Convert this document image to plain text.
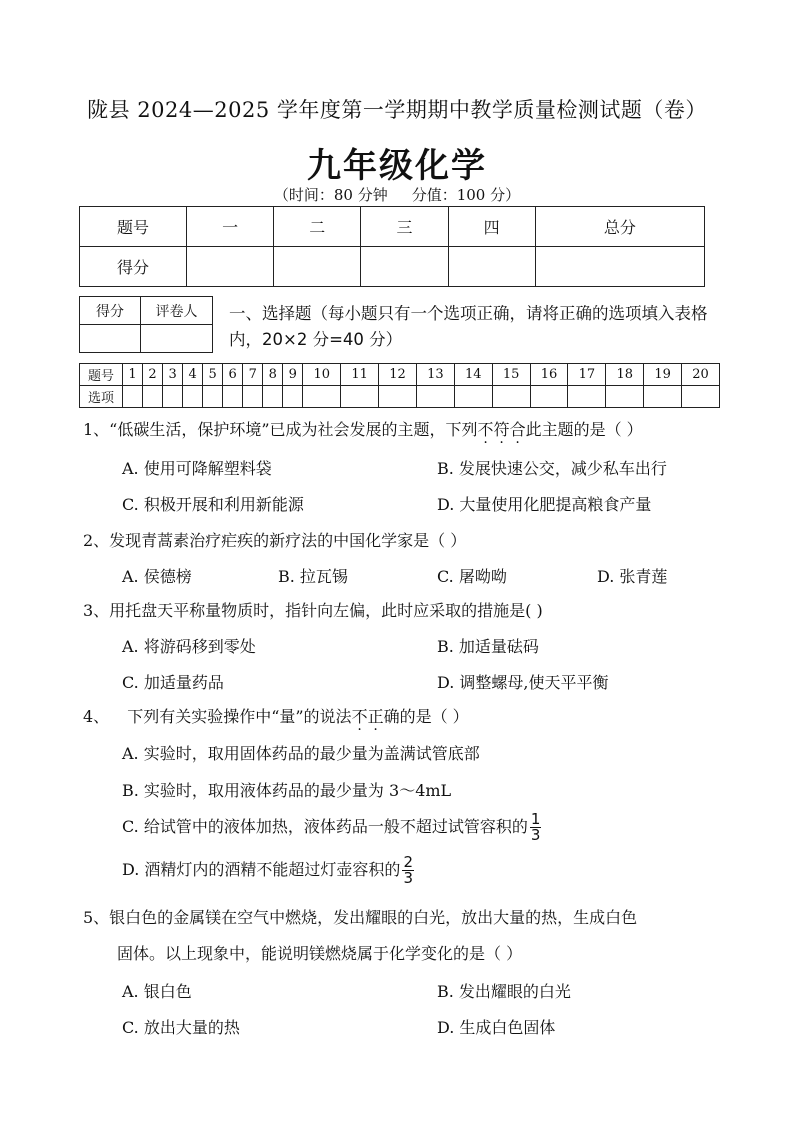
陇县 2024—2025 学年度第一学期期中教学质量检测试题（卷）
九年级化学
（时间：80 分钟 分值：100 分）
题号	一	二	三	四	总分
得分					
得分	评卷人
	一、选择题（每小题只有一个选项正确，请将正确的选项填入表格内，20×2 分=40 分）
题号	1	2	3	4	5	6	7	8	9	10	11	12	13	14	15	16	17	18	19	20
选项																				
1、“低碳生活，保护环境”已成为社会发展的主题，下列不符合此主题的是（ ）
A. 使用可降解塑料袋	B. 发展快速公交，减少私车出行
C. 积极开展和利用新能源	D. 大量使用化肥提高粮食产量
2、发现青蒿素治疗疟疾的新疗法的中国化学家是（ ）
A. 侯德榜	B. 拉瓦锡	C. 屠呦呦	D. 张青莲
3、用托盘天平称量物质时，指针向左偏，此时应采取的措施是( )
A. 将游码移到零处	B. 加适量砝码
C. 加适量药品	D. 调整螺母,使天平平衡
4、 下列有关实验操作中“量”的说法不正确的是（ ）
A. 实验时，取用固体药品的最少量为盖满试管底部
B. 实验时，取用液体药品的最少量为 3～4mL
C. 给试管中的液体加热，液体药品一般不超过试管容积的 $\frac{1}{3}$
D. 酒精灯内的酒精不能超过灯壶容积的 $\frac{2}{3}$
5、银白色的金属镁在空气中燃烧，发出耀眼的白光，放出大量的热，生成白色
固体。以上现象中，能说明镁燃烧属于化学变化的是（ ）
A. 银白色	B. 发出耀眼的白光
C. 放出大量的热	D. 生成白色固体
